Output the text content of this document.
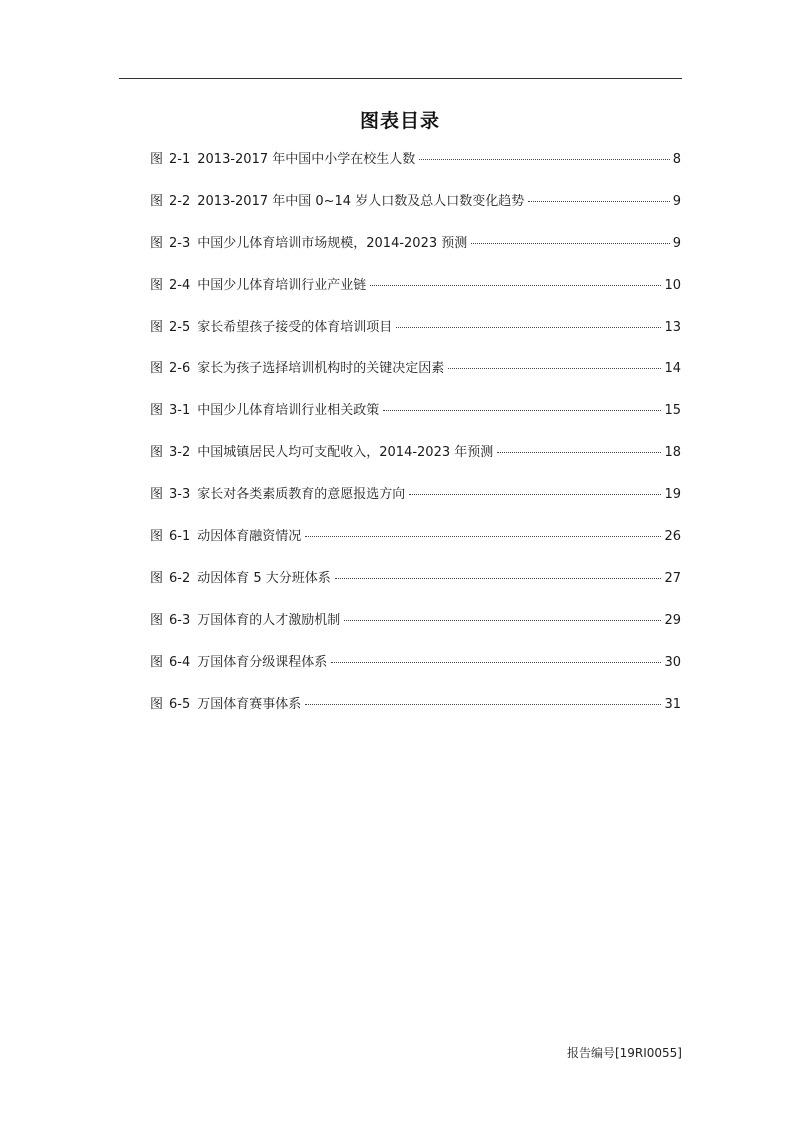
图表目录
图 2-1 2013-2017 年中国中小学在校生人数	8
图 2-2 2013-2017 年中国 0~14 岁人口数及总人口数变化趋势	9
图 2-3 中国少儿体育培训市场规模，2014-2023 预测	9
图 2-4 中国少儿体育培训行业产业链	10
图 2-5 家长希望孩子接受的体育培训项目	13
图 2-6 家长为孩子选择培训机构时的关键决定因素	14
图 3-1 中国少儿体育培训行业相关政策	15
图 3-2 中国城镇居民人均可支配收入，2014-2023 年预测	18
图 3-3 家长对各类素质教育的意愿报选方向	19
图 6-1 动因体育融资情况	26
图 6-2 动因体育 5 大分班体系	27
图 6-3 万国体育的人才激励机制	29
图 6-4 万国体育分级课程体系	30
图 6-5 万国体育赛事体系	31
报告编号[19RI0055]
